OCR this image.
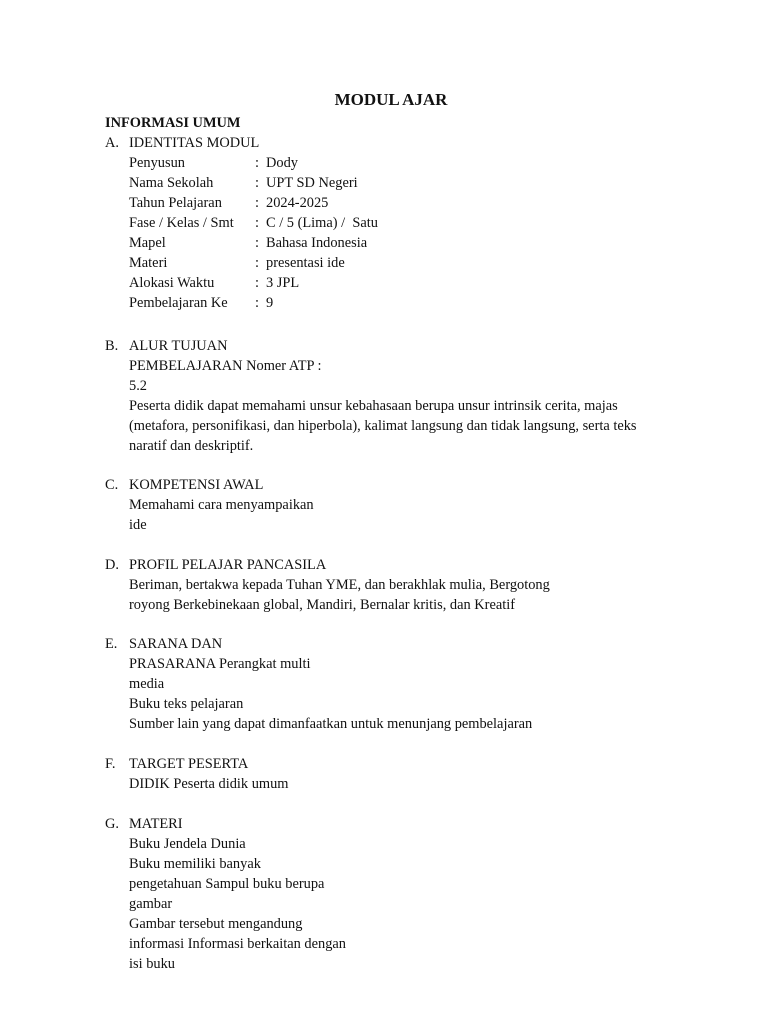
MODUL AJAR
INFORMASI UMUM
A. IDENTITAS MODUL
Penyusun	: Dody
Nama Sekolah	: UPT SD Negeri
Tahun Pelajaran	: 2024-2025
Fase / Kelas / Smt	: C / 5 (Lima) /  Satu
Mapel	: Bahasa Indonesia
Materi	: presentasi ide
Alokasi Waktu	: 3 JPL
Pembelajaran Ke	: 9
B. ALUR TUJUAN
PEMBELAJARAN Nomer ATP :
5.2
Peserta didik dapat memahami unsur kebahasaan berupa unsur intrinsik cerita, majas (metafora, personifikasi, dan hiperbola), kalimat langsung dan tidak langsung, serta teks naratif dan deskriptif.
C. KOMPETENSI AWAL
Memahami cara menyampaikan
ide
D. PROFIL PELAJAR PANCASILA
Beriman, bertakwa kepada Tuhan YME, dan berakhlak mulia, Bergotong
royong Berkebinekaan global, Mandiri, Bernalar kritis, dan Kreatif
E. SARANA DAN
PRASARANA Perangkat multi
media
Buku teks pelajaran
Sumber lain yang dapat dimanfaatkan untuk menunjang pembelajaran
F. TARGET PESERTA
DIDIK Peserta didik umum
G. MATERI
Buku Jendela Dunia
Buku memiliki banyak
pengetahuan Sampul buku berupa
gambar
Gambar tersebut mengandung
informasi Informasi berkaitan dengan
isi buku
